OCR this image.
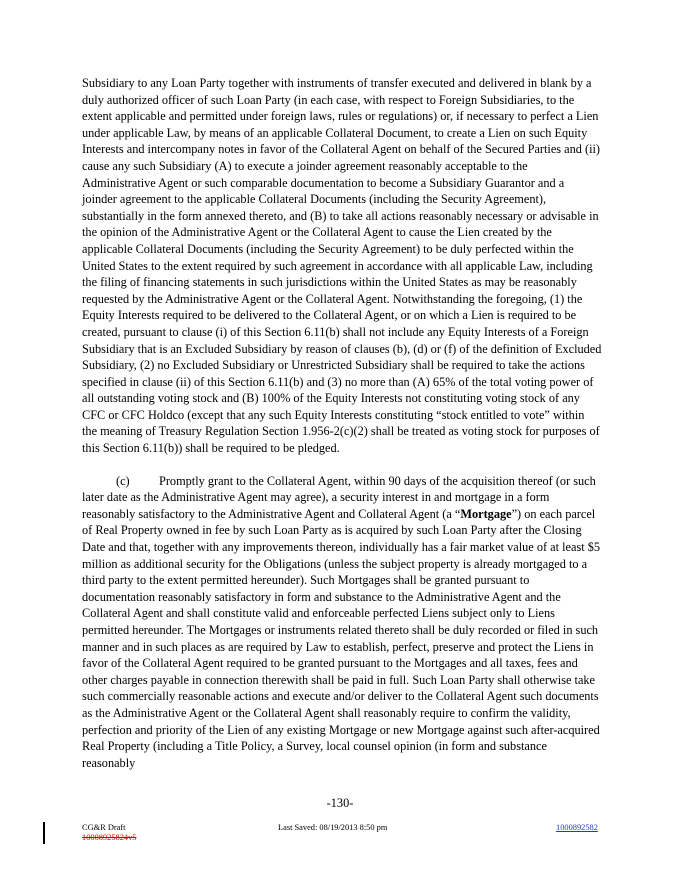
Subsidiary to any Loan Party together with instruments of transfer executed and delivered in blank by a duly authorized officer of such Loan Party (in each case, with respect to Foreign Subsidiaries, to the extent applicable and permitted under foreign laws, rules or regulations) or, if necessary to perfect a Lien under applicable Law, by means of an applicable Collateral Document, to create a Lien on such Equity Interests and intercompany notes in favor of the Collateral Agent on behalf of the Secured Parties and (ii) cause any such Subsidiary (A) to execute a joinder agreement reasonably acceptable to the Administrative Agent or such comparable documentation to become a Subsidiary Guarantor and a joinder agreement to the applicable Collateral Documents (including the Security Agreement), substantially in the form annexed thereto, and (B) to take all actions reasonably necessary or advisable in the opinion of the Administrative Agent or the Collateral Agent to cause the Lien created by the applicable Collateral Documents (including the Security Agreement) to be duly perfected within the United States to the extent required by such agreement in accordance with all applicable Law, including the filing of financing statements in such jurisdictions within the United States as may be reasonably requested by the Administrative Agent or the Collateral Agent. Notwithstanding the foregoing, (1) the Equity Interests required to be delivered to the Collateral Agent, or on which a Lien is required to be created, pursuant to clause (i) of this Section 6.11(b) shall not include any Equity Interests of a Foreign Subsidiary that is an Excluded Subsidiary by reason of clauses (b), (d) or (f) of the definition of Excluded Subsidiary, (2) no Excluded Subsidiary or Unrestricted Subsidiary shall be required to take the actions specified in clause (ii) of this Section 6.11(b) and (3) no more than (A) 65% of the total voting power of all outstanding voting stock and (B) 100% of the Equity Interests not constituting voting stock of any CFC or CFC Holdco (except that any such Equity Interests constituting “stock entitled to vote” within the meaning of Treasury Regulation Section 1.956-2(c)(2) shall be treated as voting stock for purposes of this Section 6.11(b)) shall be required to be pledged.

(c) Promptly grant to the Collateral Agent, within 90 days of the acquisition thereof (or such later date as the Administrative Agent may agree), a security interest in and mortgage in a form reasonably satisfactory to the Administrative Agent and Collateral Agent (a “Mortgage”) on each parcel of Real Property owned in fee by such Loan Party as is acquired by such Loan Party after the Closing Date and that, together with any improvements thereon, individually has a fair market value of at least $5 million as additional security for the Obligations (unless the subject property is already mortgaged to a third party to the extent permitted hereunder). Such Mortgages shall be granted pursuant to documentation reasonably satisfactory in form and substance to the Administrative Agent and the Collateral Agent and shall constitute valid and enforceable perfected Liens subject only to Liens permitted hereunder. The Mortgages or instruments related thereto shall be duly recorded or filed in such manner and in such places as are required by Law to establish, perfect, preserve and protect the Liens in favor of the Collateral Agent required to be granted pursuant to the Mortgages and all taxes, fees and other charges payable in connection therewith shall be paid in full. Such Loan Party shall otherwise take such commercially reasonable actions and execute and/or deliver to the Collateral Agent such documents as the Administrative Agent or the Collateral Agent shall reasonably require to confirm the validity, perfection and priority of the Lien of any existing Mortgage or new Mortgage against such after-acquired Real Property (including a Title Policy, a Survey, local counsel opinion (in form and substance reasonably

-130-
CG&R Draft
10008925824v5
Last Saved: 08/19/2013 8:50 pm	1000892582
